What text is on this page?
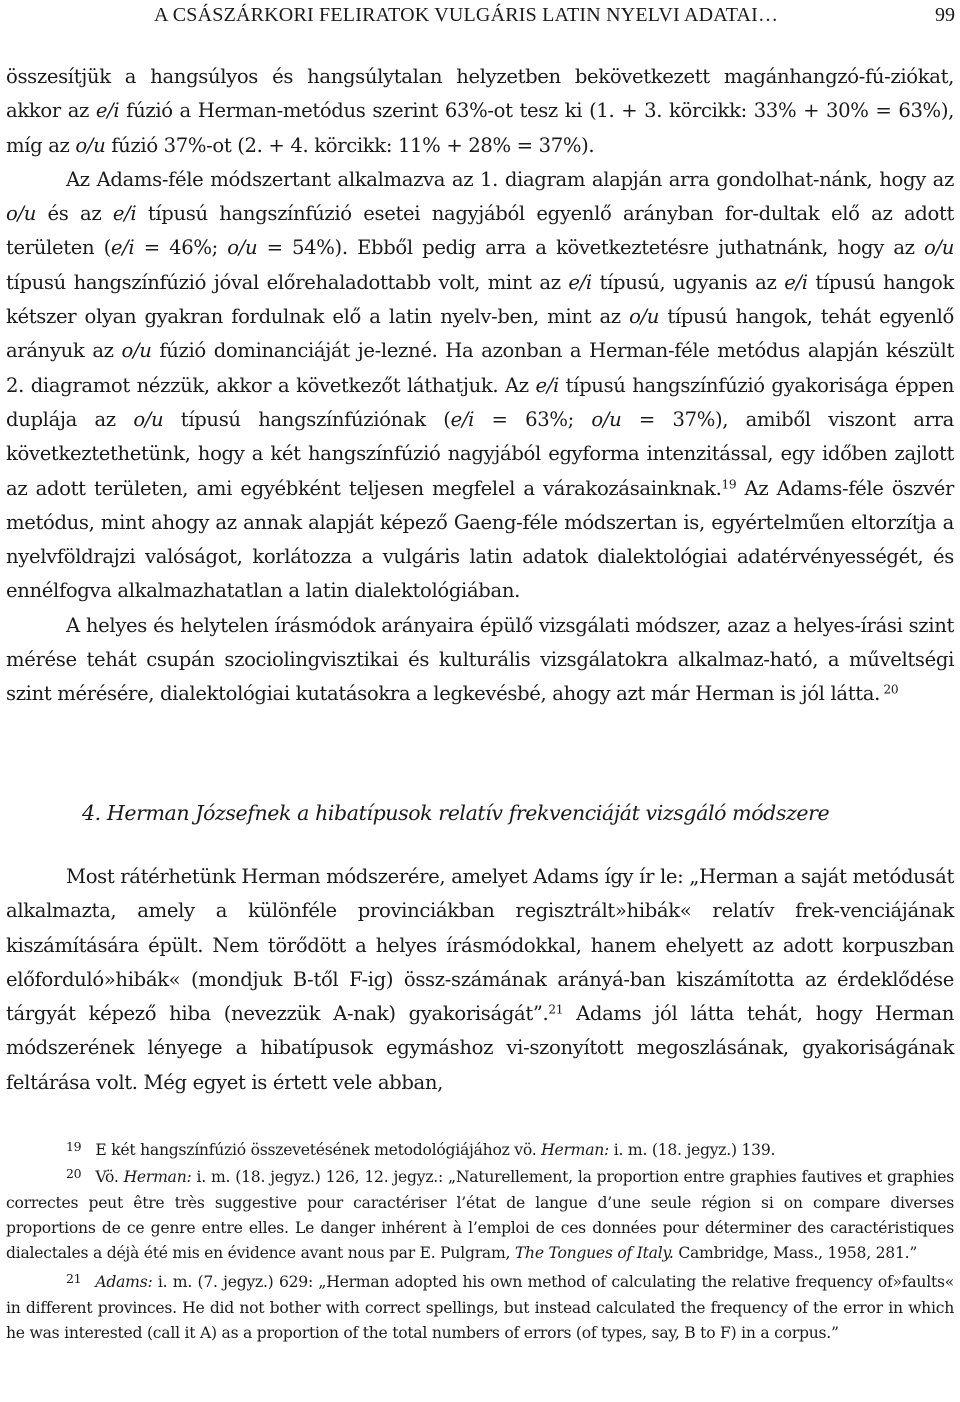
A CSÁSZÁRKORI FELIRATOK VULGÁRIS LATIN NYELVI ADATAI…	99

összesítjük a hangsúlyos és hangsúlytalan helyzetben bekövetkezett magánhangzó-fú-ziókat, akkor az e/i fúzió a Herman-metódus szerint 63%-ot tesz ki (1. + 3. körcikk: 33% + 30% = 63%), míg az o/u fúzió 37%-ot (2. + 4. körcikk: 11% + 28% = 37%).

Az Adams-féle módszertant alkalmazva az 1. diagram alapján arra gondolhat-nánk, hogy az o/u és az e/i típusú hangszínfúzió esetei nagyjából egyenlő arányban for-dultak elő az adott területen (e/i = 46%; o/u = 54%). Ebből pedig arra a következtetésre juthatnánk, hogy az o/u típusú hangszínfúzió jóval előrehaladottabb volt, mint az e/i típusú, ugyanis az e/i típusú hangok kétszer olyan gyakran fordulnak elő a latin nyelv-ben, mint az o/u típusú hangok, tehát egyenlő arányuk az o/u fúzió dominanciáját je-lezné. Ha azonban a Herman-féle metódus alapján készült 2. diagramot nézzük, akkor a következőt láthatjuk. Az e/i típusú hangszínfúzió gyakorisága éppen duplája az o/u típusú hangszínfúziónak (e/i = 63%; o/u = 37%), amiből viszont arra következtethetünk, hogy a két hangszínfúzió nagyjából egyforma intenzitással, egy időben zajlott az adott területen, ami egyébként teljesen megfelel a várakozásainknak.$^{19}$ Az Adams-féle öszvér metódus, mint ahogy az annak alapját képező Gaeng-féle módszertan is, egyértelműen eltorzítja a nyelvföldrajzi valóságot, korlátozza a vulgáris latin adatok dialektológiai adatérvényességét, és ennélfogva alkalmazhatatlan a latin dialektológiában.

A helyes és helytelen írásmódok arányaira épülő vizsgálati módszer, azaz a helyes-írási szint mérése tehát csupán szociolingvisztikai és kulturális vizsgálatokra alkalmaz-ható, a műveltségi szint mérésére, dialektológiai kutatásokra a legkevésbé, ahogy azt már Herman is jól látta. $^{20}$

4. Herman Józsefnek a hibatípusok relatív frekvenciáját vizsgáló módszere

Most rátérhetünk Herman módszerére, amelyet Adams így ír le: „Herman a saját metódusát alkalmazta, amely a különféle provinciákban regisztrált»hibák« relatív frek-venciájának kiszámítására épült. Nem törődött a helyes írásmódokkal, hanem ehelyett az adott korpuszban előforduló»hibák« (mondjuk B-től F-ig) össz-számának arányá-ban kiszámította az érdeklődése tárgyát képező hiba (nevezzük A-nak) gyakoriságát”.$^{21}$ Adams jól látta tehát, hogy Herman módszerének lényege a hibatípusok egymáshoz vi-szonyított megoszlásának, gyakoriságának feltárása volt. Még egyet is értett vele abban,

$^{19}$ E két hangszínfúzió összevetésének metodológiájához vö. Herman: i. m. (18. jegyz.) 139.

$^{20}$ Vö. Herman: i. m. (18. jegyz.) 126, 12. jegyz.: „Naturellement, la proportion entre graphies fautives et graphies correctes peut être très suggestive pour caractériser l’état de langue d’une seule région si on compare diverses proportions de ce genre entre elles. Le danger inhérent à l’emploi de ces données pour déterminer des caractéristiques dialectales a déjà été mis en évidence avant nous par E. Pulgram, The Tongues of Italy. Cambridge, Mass., 1958, 281.”

$^{21}$ Adams: i. m. (7. jegyz.) 629: „Herman adopted his own method of calculating the relative frequency of»faults« in different provinces. He did not bother with correct spellings, but instead calculated the frequency of the error in which he was interested (call it A) as a proportion of the total numbers of errors (of types, say, B to F) in a corpus.”
